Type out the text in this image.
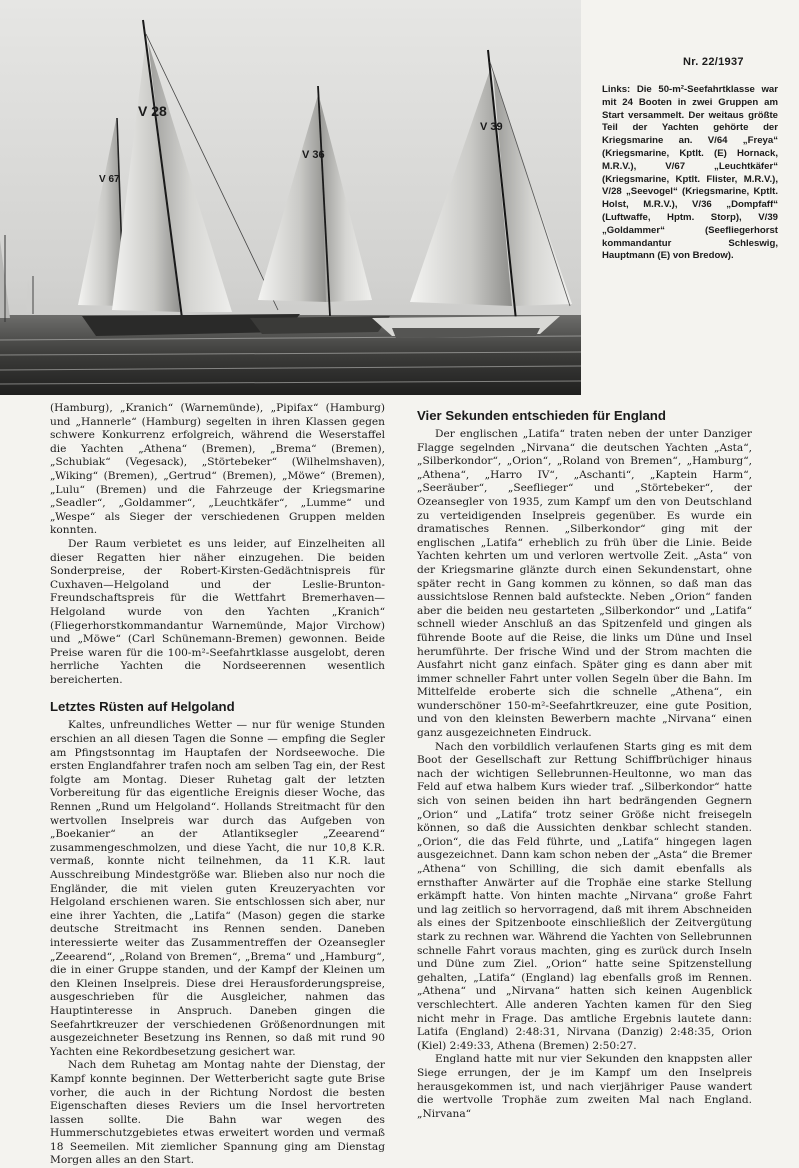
V 28
V 67
V 36
V 39
Nr. 22/1937

Links: Die 50-m²-Seefahrtklasse war mit 24 Booten in zwei Gruppen am Start versammelt. Der weitaus größte Teil der Yachten gehörte der Kriegsmarine an. V/64 „Freya“ (Kriegsmarine, Kptlt. (E) Hornack, M.R.V.), V/67 „Leuchtkäfer“ (Kriegsmarine, Kptlt. Flister, M.R.V.), V/28 „Seevogel“ (Kriegsmarine, Kptlt. Holst, M.R.V.), V/36 „Dompfaff“ (Luftwaffe, Hptm. Storp), V/39 „Goldammer“ (Seefliegerhorst kommandantur Schleswig, Hauptmann (E) von Bredow).

(Hamburg), „Kranich“ (Warnemünde), „Pipifax“ (Hamburg) und „Hannerle“ (Hamburg) segelten in ihren Klassen gegen schwere Konkurrenz erfolgreich, während die Weserstaffel die Yachten „Athena“ (Bremen), „Brema“ (Bremen), „Schubiak“ (Vegesack), „Störtebeker“ (Wilhelmshaven), „Wiking“ (Bremen), „Gertrud“ (Bremen), „Möwe“ (Bremen), „Lulu“ (Bremen) und die Fahrzeuge der Kriegsmarine „Seadler“, „Goldammer“, „Leuchtkäfer“, „Lumme“ und „Wespe“ als Sieger der verschiedenen Gruppen melden konnten.

Der Raum verbietet es uns leider, auf Einzelheiten all dieser Regatten hier näher einzugehen. Die beiden Sonderpreise, der Robert-Kirsten-Gedächtnispreis für Cuxhaven—Helgoland und der Leslie-Brunton-Freundschaftspreis für die Wettfahrt Bremerhaven—Helgoland wurde von den Yachten „Kranich“ (Fliegerhorstkommandantur Warnemünde, Major Virchow) und „Möwe“ (Carl Schünemann-Bremen) gewonnen. Beide Preise waren für die 100-m²-Seefahrtklasse ausgelobt, deren herrliche Yachten die Nordseerennen wesentlich bereicherten.

Letztes Rüsten auf Helgoland

Kaltes, unfreundliches Wetter — nur für wenige Stunden erschien an all diesen Tagen die Sonne — empfing die Segler am Pfingstsonntag im Hauptafen der Nordseewoche. Die ersten Englandfahrer trafen noch am selben Tag ein, der Rest folgte am Montag. Dieser Ruhetag galt der letzten Vorbereitung für das eigentliche Ereignis dieser Woche, das Rennen „Rund um Helgoland“. Hollands Streitmacht für den wertvollen Inselpreis war durch das Aufgeben von „Boekanier“ an der Atlantiksegler „Zeearend“ zusammengeschmolzen, und diese Yacht, die nur 10,8 K.R. vermaß, konnte nicht teilnehmen, da 11 K.R. laut Ausschreibung Mindestgröße war. Blieben also nur noch die Engländer, die mit vielen guten Kreuzeryachten vor Helgoland erschienen waren. Sie entschlossen sich aber, nur eine ihrer Yachten, die „Latifa“ (Mason) gegen die starke deutsche Streitmacht ins Rennen senden. Daneben interessierte weiter das Zusammentreffen der Ozeansegler „Zeearend“, „Roland von Bremen“, „Brema“ und „Hamburg“, die in einer Gruppe standen, und der Kampf der Kleinen um den Kleinen Inselpreis. Diese drei Herausforderungspreise, ausgeschrieben für die Ausgleicher, nahmen das Hauptinteresse in Anspruch. Daneben gingen die Seefahrtkreuzer der verschiedenen Größenordnungen mit ausgezeichneter Besetzung ins Rennen, so daß mit rund 90 Yachten eine Rekordbesetzung gesichert war.

Nach dem Ruhetag am Montag nahte der Dienstag, der Kampf konnte beginnen. Der Wetterbericht sagte gute Brise vorher, die auch in der Richtung Nordost die besten Eigenschaften dieses Reviers um die Insel hervortreten lassen sollte. Die Bahn war wegen des Hummerschutzgebietes etwas erweitert worden und vermaß 18 Seemeilen. Mit ziemlicher Spannung ging am Dienstag Morgen alles an den Start.

Vier Sekunden entschieden für England

Der englischen „Latifa“ traten neben der unter Danziger Flagge segelnden „Nirvana“ die deutschen Yachten „Asta“, „Silberkondor“, „Orion“, „Roland von Bremen“, „Hamburg“, „Athena“, „Harro IV“, „Aschanti“, „Kaptein Harm“, „Seeräuber“, „Seeflieger“ und „Störtebeker“, der Ozeansegler von 1935, zum Kampf um den von Deutschland zu verteidigenden Inselpreis gegenüber. Es wurde ein dramatisches Rennen. „Silberkondor“ ging mit der englischen „Latifa“ erheblich zu früh über die Linie. Beide Yachten kehrten um und verloren wertvolle Zeit. „Asta“ von der Kriegsmarine glänzte durch einen Sekundenstart, ohne später recht in Gang kommen zu können, so daß man das aussichtslose Rennen bald aufsteckte. Neben „Orion“ fanden aber die beiden neu gestarteten „Silberkondor“ und „Latifa“ schnell wieder Anschluß an das Spitzenfeld und gingen als führende Boote auf die Reise, die links um Düne und Insel herumführte. Der frische Wind und der Strom machten die Ausfahrt nicht ganz einfach. Später ging es dann aber mit immer schneller Fahrt unter vollen Segeln über die Bahn. Im Mittelfelde eroberte sich die schnelle „Athena“, ein wunderschöner 150-m²-Seefahrtkreuzer, eine gute Position, und von den kleinsten Bewerbern machte „Nirvana“ einen ganz ausgezeichneten Eindruck.

Nach den vorbildlich verlaufenen Starts ging es mit dem Boot der Gesellschaft zur Rettung Schiffbrüchiger hinaus nach der wichtigen Sellebrunnen-Heultonne, wo man das Feld auf etwa halbem Kurs wieder traf. „Silberkondor“ hatte sich von seinen beiden ihn hart bedrängenden Gegnern „Orion“ und „Latifa“ trotz seiner Größe nicht freisegeln können, so daß die Aussichten denkbar schlecht standen. „Orion“, die das Feld führte, und „Latifa“ hingegen lagen ausgezeichnet. Dann kam schon neben der „Asta“ die Bremer „Athena“ von Schilling, die sich damit ebenfalls als ernsthafter Anwärter auf die Trophäe eine starke Stellung erkämpft hatte. Von hinten machte „Nirvana“ große Fahrt und lag zeitlich so hervorragend, daß mit ihrem Abschneiden als eines der Spitzenboote einschließlich der Zeitvergütung stark zu rechnen war. Während die Yachten von Sellebrunnen schnelle Fahrt voraus machten, ging es zurück durch Inseln und Düne zum Ziel. „Orion“ hatte seine Spitzenstellung gehalten, „Latifa“ (England) lag ebenfalls groß im Rennen. „Athena“ und „Nirvana“ hatten sich keinen Augenblick verschlechtert. Alle anderen Yachten kamen für den Sieg nicht mehr in Frage. Das amtliche Ergebnis lautete dann: Latifa (England) 2:48:31, Nirvana (Danzig) 2:48:35, Orion (Kiel) 2:49:33, Athena (Bremen) 2:50:27.

England hatte mit nur vier Sekunden den knappsten aller Siege errungen, der je im Kampf um den Inselpreis herausgekommen ist, und nach vierjähriger Pause wandert die wertvolle Trophäe zum zweiten Mal nach England. „Nirvana“
